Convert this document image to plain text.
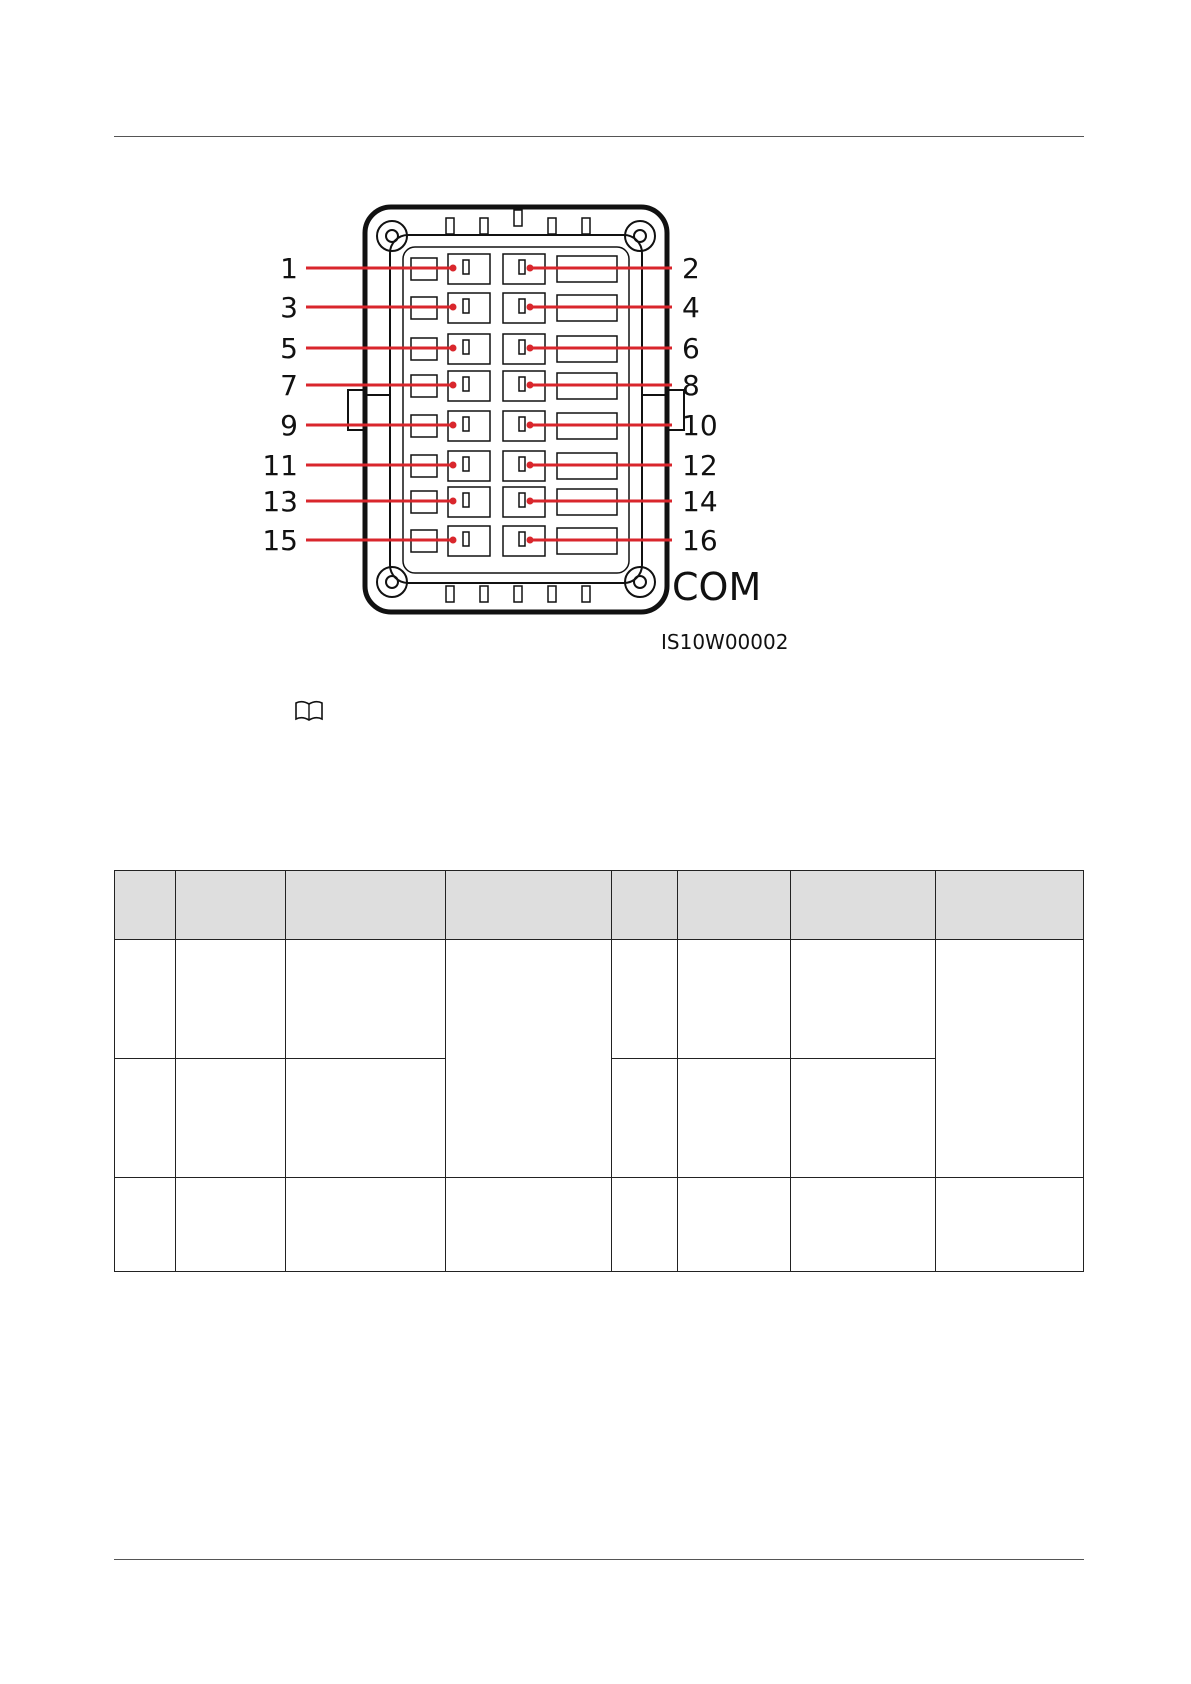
1	2
3	4
5	6
7	8
9	10
11	12
13	14
15	16
COM
IS10W00002
